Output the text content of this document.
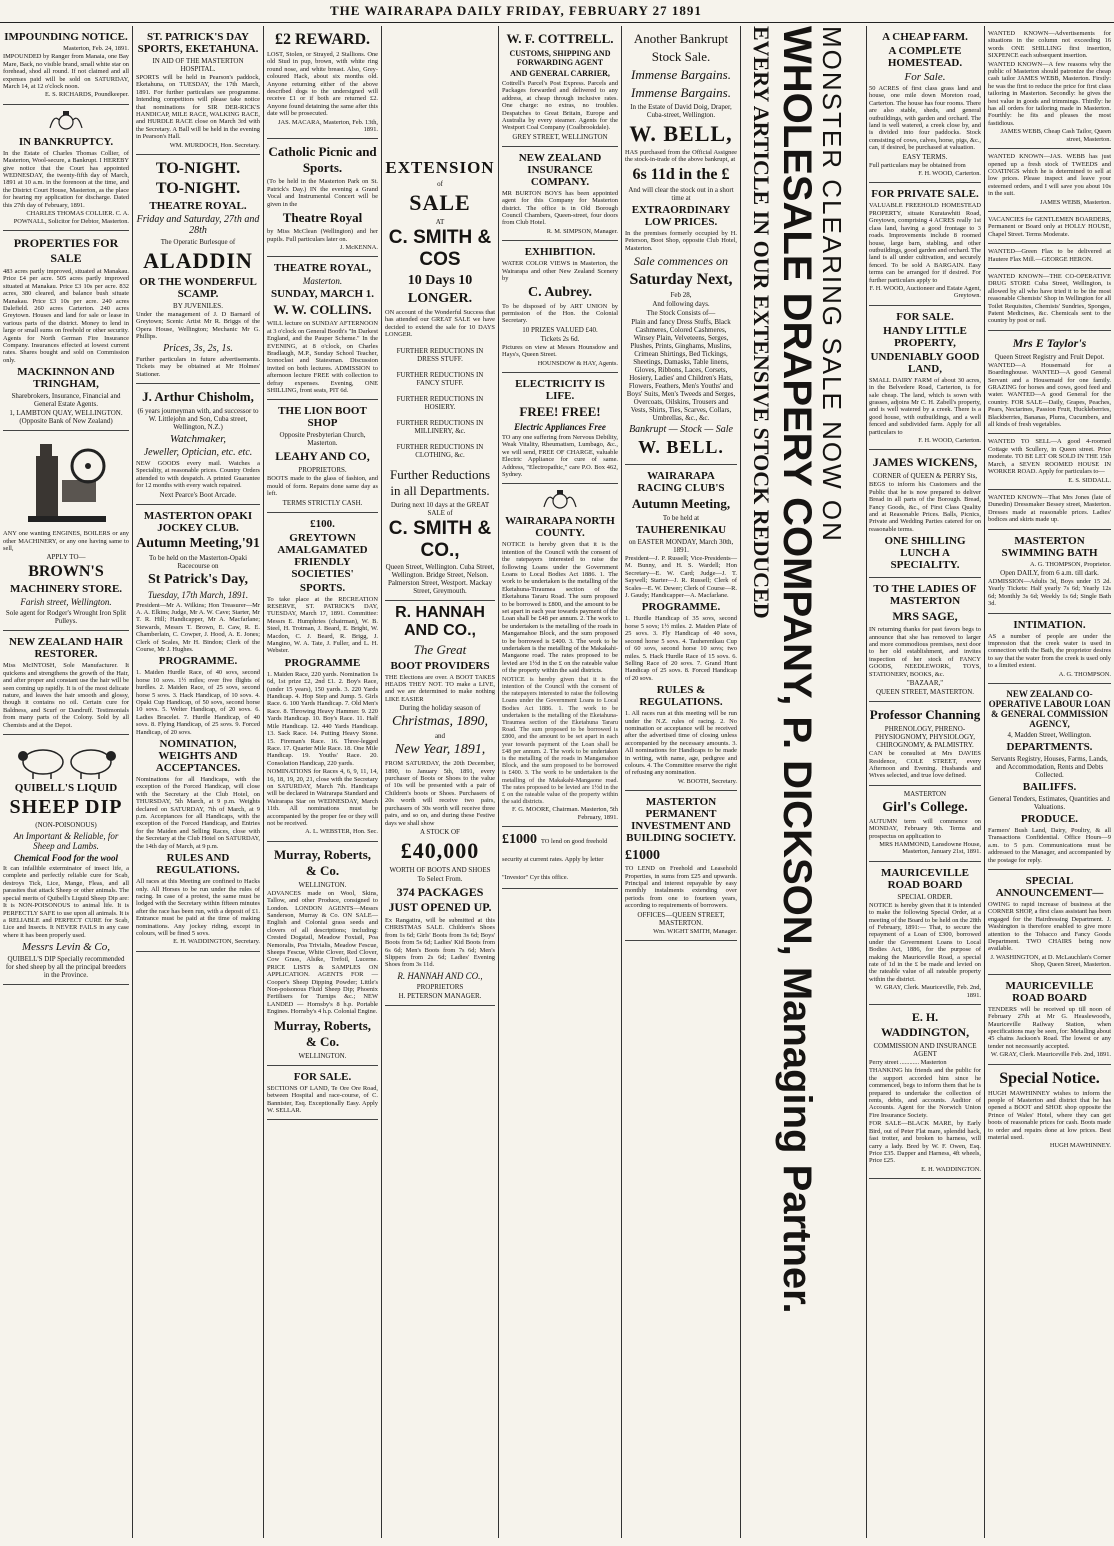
THE WAIRARAPA DAILY FRIDAY, FEBRUARY 27 1891
IMPOUNDING NOTICE.

Masterton, Feb. 24, 1891.

IMPOUNDED by Ranger from Manaia, one Bay Mare, Back, no visible brand, small white star on forehead, shod all round. If not claimed and all expenses paid will be sold on SATURDAY, March 14, at 12 o'clock noon.

E. S. RICHARDS, Poundkeeper.

IN BANKRUPTCY.

In the Estate of Charles Thomas Collier, of Masterton, Wool-secure, a Bankrupt. I HEREBY give notice that the Court has appointed WEDNESDAY, the twenty-fifth day of March, 1891 at 10 a.m. in the forenoon at the time, and the District Court House, Masterton, as the place for hearing my application for discharge. Dated this 27th day of February, 1891.

CHARLES THOMAS COLLIER. C. A. POWNALL, Solicitor for Debtor, Masterton.

PROPERTIES FOR SALE

483 acres partly improved, situated at Manakau. Price £4 per acre. 505 acres partly improved situated at Manakau. Price £3 10s per acre. 832 acres, 380 cleared, and balance bush situate Manakau. Price £3 10s per acre. 240 acres Dalefield. 260 acres Carterton. 240 acres Greytown. Houses and land for sale or lease in various parts of the district. Money to lend in large or small sums on freehold or other security. Agents for North German Fire Insurance Company. Insurances effected at lowest current rates. Shares bought and sold on Commission only.

MACKINNON AND TRINGHAM,

Sharebrokers, Insurance, Financial and General Estate Agents.

1, LAMBTON QUAY, WELLINGTON. (Opposite Bank of New Zealand)

ANY one wanting ENGINES, BOILERS or any other MACHINERY, or any one having same to sell,

APPLY TO—

BROWN'S
MACHINERY STORE.

Farish street, Wellington.

Sole agent for Rodger's Wrought Iron Split Pulleys.

NEW ZEALAND HAIR RESTORER.

Miss McINTOSH, Sole Manufacturer. It quickens and strengthens the growth of the Hair, and after proper and constant use the hair will be seen coming up rapidly. It is of the most delicate nature, and leaves the hair smooth and glossy, though it contains no oil. Certain cure for Baldness, and Scurf or Dandruff. Testimonials from many parts of the Colony. Sold by all Chemists and at the Depot.

QUIBELL'S LIQUID
SHEEP DIP

(NON-POISONOUS)

An Important & Reliable, for Sheep and Lambs.

Chemical Food for the wool

It can infallible exterminator of insect life, a complete and perfectly reliable cure for Scab, destroys Tick, Lice, Mange, Fleas, and all parasites that attack Sheep or other animals. The special merits of Quibell's Liquid Sheep Dip are: It is NON-POISONOUS to animal life. It is PERFECTLY SAFE to use upon all animals. It is a RELIABLE and PERFECT CURE for Scab, Lice and Insects. It NEVER FAILS in any case where it has been properly used.

Messrs Levin & Co,

QUIBELL'S DIP Specially recommended for shed sheep by all the principal breeders in the Province.

ST. PATRICK'S DAY SPORTS, EKETAHUNA.

IN AID OF THE MASTERTON HOSPITAL.

SPORTS will be held in Pearson's paddock, Eketahuna, on TUESDAY, the 17th March, 1891. For further particulars see programme. Intending competitors will please take notice that nominations for SIR DER-RICK'S HANDICAP, MILE RACE, WALKING RACE, and HURDLE RACE close on March 3rd with the Secretary. A Ball will be held in the evening in Pearson's Hall.

WM. MURDOCH, Hon. Secretary.

TO-NIGHT.
TO-NIGHT.
THEATRE ROYAL.

Friday and Saturday, 27th and 28th

The Operatic Burlesque of

ALADDIN
OR THE WONDERFUL SCAMP.

BY JUVENILES.

Under the management of J. D Barnard of Greytown; Scenic Artist Mr R. Briggs of the Opera House, Wellington; Mechanic Mr G. Phillips.

Prices, 3s, 2s, 1s.

Further particulars in future advertisements. Tickets may be obtained at Mr Holmes' Stationer.

J. Arthur Chisholm,

(6 years journeyman with, and successor to W. Littlejohn and Son, Cuba street, Wellington, N.Z.)

Watchmaker,
Jeweller, Optician, etc. etc.

NEW GOODS every mail. Watches a Speciality, at reasonable prices. Country Orders attended to with despatch. A printed Guarantee for 12 months with every watch repaired.

Next Pearce's Boot Arcade.

MASTERTON OPAKI JOCKEY CLUB.
Autumn Meeting,'91

To be held on the Masterton-Opaki Racecourse on

St Patrick's Day,

Tuesday, 17th March, 1891.

President—Mr A. Wilkins; Hon Treasurer—Mr A. A. Elkins; Judge, Mr A. W. Cave; Starter, Mr T. R. Hill; Handicapper, Mr A. Macfarlane; Stewards, Messrs T. Brown, E. Caw, R. E. Chamberlain, C. Cowper, J. Hood, A. E. Jones; Clerk of Scales, Mr H. Bindon; Clerk of the Course, Mr J. Hughes.

PROGRAMME.

1. Maiden Hurdle Race, of 40 sovs, second horse 10 sovs. 1½ miles; over five flights of hurdles. 2. Maiden Race, of 25 sovs, second horse 5 sovs. 3. Hack Handicap, of 10 sovs. 4. Opaki Cup Handicap, of 50 sovs, second horse 10 sovs. 5. Welter Handicap, of 20 sovs. 6. Ladies Bracelet. 7. Hurdle Handicap, of 40 sovs. 8. Flying Handicap, of 25 sovs. 9. Forced Handicap, of 20 sovs.

NOMINATION, WEIGHTS AND ACCEPTANCES.

Nominations for all Handicaps, with the exception of the Forced Handicap, will close with the Secretary at the Club Hotel, on THURSDAY, 5th March, at 9 p.m. Weights declared on SATURDAY, 7th of March, at 9 p.m. Acceptances for all Handicaps, with the exception of the Forced Handicap, and Entries for the Maiden and Selling Races, close with the Secretary at the Club Hotel on SATURDAY, the 14th day of March, at 9 p.m.

RULES AND REGULATIONS.

All races at this Meeting are confined to Hacks only. All Horses to be run under the rules of racing. In case of a protest, the same must be lodged with the Secretary within fifteen minutes after the race has been run, with a deposit of £1. Entrance must be paid at the time of making nominations. Any jockey riding, except in colours, will be fined 5 sovs.

E. H. WADDINGTON, Secretary.

£2 REWARD.

LOST, Stolen, or Strayed, 2 Stallions. One old Stud in pup, brown, with white ring round nose, and white breast. Also, Grey-coloured Hack, about six months old. Anyone returning either of the above described dogs to the undersigned will receive £1 or if both are returned £2. Anyone found detaining the same after this date will be prosecuted.

JAS. MACARA, Masterton, Feb. 13th, 1891.

Catholic Picnic and Sports.

(To be held in the Masterton Park on St. Patrick's Day.) IN the evening a Grand Vocal and Instrumental Concert will be given in the

Theatre Royal

by Miss McClean (Wellington) and her pupils. Full particulars later on.

J. McKENNA.

THEATRE ROYAL,

Masterton.

SUNDAY, MARCH 1.
W. W. COLLINS.

WILL lecture on SUNDAY AFTERNOON at 3 o'clock on General Booth's "In Darkest England, and the Pauper Scheme." In the EVENING, at 8 o'clock, on Charles Bradlaugh, M.P., Sunday School Teacher, Iconoclast and Statesman. Discussion invited on both lectures. ADMISSION to afternoon lecture FREE with collection to defray expenses. Evening, ONE SHILLING, front seats, PIT 6d.

THE LION BOOT SHOP

Opposite Presbyterian Church, Masterton.

LEAHY AND CO,

PROPRIETORS.

BOOTS made to the glass of fashion, and mould of form. Repairs done same day as left.

TERMS STRICTLY CASH.

£100.
GREYTOWN AMALGAMATED FRIENDLY SOCIETIES'
SPORTS.

To take place at the RECREATION RESERVE, ST. PATRICK'S DAY, TUESDAY, March 17, 1891. Committee: Messrs E. Humphries (chairman), W. B. Steel, H. Trotman, J. Beard, E. Bright, W. Macdon, C. J. Beard, R. Brigg, J. Mangino, W. A. Tate, J. Fuller, and L. H. Webster.

PROGRAMME

1. Maiden Race, 220 yards. Nomination 1s 6d, 1st prize £2, 2nd £1. 2. Boy's Race, (under 15 years), 150 yards. 3. 220 Yards Handicap. 4. Hop Step and Jump. 5. Girls Race. 6. 100 Yards Handicap. 7. Old Men's Race. 8. Throwing Heavy Hammer. 9. 220 Yards Handicap. 10. Boy's Race. 11. Half Mile Handicap. 12. 440 Yards Handicap. 13. Sack Race. 14. Putting Heavy Stone. 15. Fireman's Race. 16. Three-legged Race. 17. Quarter Mile Race. 18. One Mile Handicap. 19. Youths' Race. 20. Consolation Handicap, 220 yards.

NOMINATIONS for Races 4, 6, 9, 11, 14, 16, 18, 19, 20, 21, close with the Secretary on SATURDAY, March 7th. Handicaps will be declared in Wairarapa Standard and Wairarapa Star on WEDNESDAY, March 11th. All nominations must be accompanied by the proper fee or they will not be received.

A. L. WEBSTER, Hon. Sec.

Murray, Roberts, & Co.

WELLINGTON.

ADVANCES made on Wool, Skins, Tallow, and other Produce, consigned to London. LONDON AGENTS—Messrs Sanderson, Murray & Co. ON SALE—English and Colonial grass seeds and clovers of all descriptions; including: Crested Dogstail, Meadow Foxtail, Poa Nemoralis, Poa Trivialis, Meadow Fescue, Sheeps Fescue, White Clover, Red Clover, Cow Grass, Alsike, Trefoil, Lucerne. PRICE LISTS & SAMPLES ON APPLICATION. AGENTS FOR — Cooper's Sheep Dipping Powder; Little's Non-poisonous Fluid Sheep Dip; Phoenix Fertilisers for Turnips &c.; NEW LANDED — Hornsby's 8 h.p. Portable Engines. Hornsby's 4 h.p. Colonial Engine.

Murray, Roberts, & Co.

WELLINGTON.

FOR SALE.

SECTIONS OF LAND, Te Ore Ore Road, between Hospital and race-course, of C. Bannister, Esq. Exceptionally Easy. Apply W. SELLAR.

EXTENSION

of

SALE

AT

C. SMITH & COS
10 Days 10
LONGER.

ON account of the Wonderful Success that has attended our GREAT SALE we have decided to extend the sale for 10 DAYS LONGER.

FURTHER REDUCTIONS IN DRESS STUFF.

FURTHER REDUCTIONS IN FANCY STUFF.

FURTHER REDUCTIONS IN HOSIERY.

FURTHER REDUCTIONS IN MILLINERY, &c.

FURTHER REDUCTIONS IN CLOTHING, &c.

Further Reductions in all Departments.

During next 10 days at the GREAT SALE of

C. SMITH & CO.,

Queen Street, Wellington. Cuba Street, Wellington. Bridge Street, Nelson. Palmerston Street, Westport. Mackay Street, Greymouth.

R. HANNAH AND CO.,
The Great
BOOT PROVIDERS

THE Elections are over. A BOOT TAKES HEADS THEY NOT. TO make a LIVE, and we are determined to make nothing LIKE EASIER

During the holiday season of

Christmas, 1890,

and

New Year, 1891,

FROM SATURDAY, the 20th December, 1890, to January 5th, 1891, every purchaser of Boots or Shoes to the value of 10s will be presented with a pair of Children's boots or Shoes. Purchasers of 20s worth will receive two pairs, purchasers of 30s worth will receive three pairs, and so on, and during these Festive days we shall show

A STOCK OF

£40,000

WORTH OF BOOTS AND SHOES

To Select From.

374 PACKAGES JUST OPENED UP.

Ex Rangatira, will be submitted at this CHRISTMAS SALE. Children's Shoes from 1s 6d; Girls' Boots from 3s 6d; Boys' Boots from 5s 6d; Ladies' Kid Boots from 6s 6d; Men's Boots from 7s 6d; Men's Slippers from 2s 6d; Ladies' Evening Shoes from 3s 11d.

R. HANNAH AND CO.,

PROPRIETORS

H. PETERSON MANAGER.

W. F. COTTRELL.
CUSTOMS, SHIPPING AND FORWARDING AGENT
AND GENERAL CARRIER,

Cottrell's Parcel's Post Express. Parcels and Packages forwarded and delivered to any address, at cheap through inclusive rates. One charge: no extras, no troubles. Despatches to Great Britain, Europe and Australia by every steamer. Agents for the Westport Coal Company (Coalbrookdale).

GREY STREET, WELLINGTON

NEW ZEALAND INSURANCE COMPANY.

MR BURTON BOYS has been appointed agent for this Company for Masterton district. The office is in Old Borough Council Chambers, Queen-street, four doors from Club Hotel.

R. M. SIMPSON, Manager.

EXHIBITION.

WATER COLOR VIEWS in Masterton, the Wairarapa and other New Zealand Scenery by

C. Aubrey.

To be disposed of by ART UNION by permission of the Hon. the Colonial Secretary.

10 PRIZES VALUED £40.

Tickets 2s 6d.

Pictures on view at Messrs Hounsdow and Hays's, Queen Street.

HOUNSDOW & HAY, Agents.

ELECTRICITY IS LIFE.
FREE! FREE!
Electric Appliances Free

TO any one suffering from Nervous Debility, Weak Vitality, Rheumatism, Lumbago, &c., we will send, FREE OF CHARGE, valuable Electric Appliance for cure of same. Address, "Electropathic," care P.O. Box 462, Sydney.

WAIRARAPA NORTH COUNTY.

NOTICE is hereby given that it is the intention of the Council with the consent of the ratepayers interested to raise the following Loans under the Government Loans to Local Bodies Act 1886. 1. The work to be undertaken is the metalling of the Eketahuna-Tiraumea section of the Eketahuna Tararu Road. The sum proposed to be borrowed is £800, and the amount to be set apart in each year towards payment of the Loan shall be £48 per annum. 2. The work to be undertaken is the metalling of the roads in Mangamahoe Block, and the sum proposed to be borrowed is £400. 3. The work to be undertaken is the metalling of the Makakahi-Mangaone road. The rates proposed to be levied are 1½d in the £ on the rateable value of the property within the said districts.

NOTICE is hereby given that it is the intention of the Council with the consent of the ratepayers interested to raise the following Loans under the Government Loans to Local Bodies Act 1886. 1. The work to be undertaken is the metalling of the Eketahuna-Tiraumea section of the Eketahuna Tararu Road. The sum proposed to be borrowed is £800, and the amount to be set apart in each year towards payment of the Loan shall be £48 per annum. 2. The work to be undertaken is the metalling of the roads in Mangamahoe Block, and the sum proposed to be borrowed is £400. 3. The work to be undertaken is the metalling of the Makakahi-Mangaone road. The rates proposed to be levied are 1½d in the £ on the rateable value of the property within the said districts.

F. G. MOORE, Chairman. Masterton, 5th February, 1891.

£1000 TO lend on good freehold security at current rates. Apply by letter "Investor" Cyr this office.
Another Bankrupt
Stock Sale.
Immense Bargains.
Immense Bargains.

In the Estate of David Doig, Draper, Cuba-street, Wellington.

W. BELL,

HAS purchased from the Official Assignee the stock-in-trade of the above bankrupt, at

6s 11d in the £

And will clear the stock out in a short time at

EXTRAORDINARY LOW PRICES.

In the premises formerly occupied by H. Peterson, Boot Shop, opposite Club Hotel, Masterton.

Sale commences on
Saturday Next,

Feb 28,

And following days.

The Stock Consists of—

Plain and fancy Dress Stuffs, Black Cashmeres, Colored Cashmeres, Winsey Plain, Velveteens, Serges, Plushes, Prints, Ginghams, Muslins, Crimean Shirtings, Bed Tickings, Sheetings, Damasks, Table linens, Gloves, Ribbons, Laces, Corsets, Hosiery, Ladies' and Children's Hats, Flowers, Feathers, Men's Youths' and Boys' Suits, Men's Tweeds and Serges, Overcoats, Oilskins, Trousers and Vests, Shirts, Ties, Scarves, Collars, Umbrellas, &c., &c.

Bankrupt — Stock — Sale
W. BELL.
WAIRARAPA RACING CLUB'S
Autumn Meeting,

To be held at

TAUHERENIKAU

on EASTER MONDAY, March 30th, 1891.

President—J. P. Russell; Vice-Presidents—M. Bunny, and H. S. Wardell; Hon Secretary—E. W. Card; Judge—J. T. Saywell; Starter—J. R. Russell; Clerk of Scales—E. W. Dewer; Clerk of Course—R. J. Gaudy; Handicapper—A. Macfarlane.

PROGRAMME.

1. Hurdle Handicap of 35 sovs, second horse 5 sovs; 1½ miles. 2. Maiden Plate of 25 sovs. 3. Fly Handicap of 40 sovs, second horse 5 sovs. 4. Tauherenikau Cup of 60 sovs, second horse 10 sovs; two miles. 5. Hack Hurdle Race of 15 sovs. 6. Selling Race of 20 sovs. 7. Grand Hunt Handicap of 25 sovs. 8. Forced Handicap of 20 sovs.

RULES & REGULATIONS.

1. All races run at this meeting will be run under the N.Z. rules of racing. 2. No nomination or acceptance will be received after the advertised time of closing unless accompanied by the necessary amounts. 3. All nominations for Handicaps to be made in writing, with name, age, pedigree and colours. 4. The Committee reserve the right of refusing any nomination.

W. BOOTH, Secretary.

MASTERTON PERMANENT INVESTMENT AND BUILDING SOCIETY.
£1000

TO LEND on Freehold and Leasehold Properties, in sums from £25 and upwards. Principal and interest repayable by easy monthly instalments extending over periods from one to fourteen years, according to requirements of borrowers.

OFFICES—QUEEN STREET, MASTERTON.

Wm. WIGHT SMITH, Manager. WHOLESALE DRAPERY COMPANY, P. DICKSON, Managing Partner.
MONSTER CLEARING SALE NOW ON
EVERY ARTICLE IN OUR EXTENSIVE STOCK REDUCED	A CHEAP FARM.
A COMPLETE HOMESTEAD.
For Sale.

50 ACRES of first class grass land and house, one mile down Moreton road, Carterton. The house has four rooms. There are also stable, sheds, and general outbuildings, with garden and orchard. The land is well watered, a creek close by, and is divided into four paddocks. Stock consisting of cows, calves, horse, pigs, &c., can, if desired, be purchased at valuation.

EASY TERMS.

Full particulars may be obtained from

F. H. WOOD, Carterton.

FOR PRIVATE SALE.

VALUABLE FREEHOLD HOMESTEAD PROPERTY, situate Kuratawhiti Road, Greytown, comprising 4 ACRES really 1st class land, having a good frontage to 3 roads. Improvements include 8 roomed house, large barn, stabling, and other outbuildings, good garden and orchard. The land is all under cultivation, and securely fenced. To be sold A BARGAIN. Easy terms can be arranged for if desired. For further particulars apply to

F. H. WOOD, Auctioneer and Estate Agent, Greytown.

FOR SALE.
HANDY LITTLE PROPERTY,
UNDENIABLY GOOD LAND,

SMALL DAIRY FARM of about 30 acres, in the Belvedere Road, Carterton, is for sale cheap. The land, which is sown with grasses, adjoins Mr C. H. Zabell's property, and is well watered by a creek. There is a good house, with outbuildings, and a well fenced and subdivided farm. Apply for all particulars to

F. H. WOOD, Carterton.

JAMES WICKENS,

CORNER of QUEEN & PERRY Sts,

BEGS to inform his Customers and the Public that he is now prepared to deliver Bread in all parts of the Borough. Bread, Fancy Goods, &c., of First Class Quality and at Reasonable Prices. Balls, Picnics, Private and Wedding Parties catered for on reasonable terms.

ONE SHILLING LUNCH A SPECIALITY.
TO THE LADIES OF MASTERTON
MRS SAGE,

IN returning thanks for past favors begs to announce that she has removed to larger and more commodious premises, next door to her old establishment, and invites inspection of her stock of FANCY GOODS, NEEDLEWORK, TOYS, STATIONERY, BOOKS, &c.

"BAZAAR,"

QUEEN STREET, MASTERTON.

Professor Channing

PHRENOLOGY, PHRENO-PHYSIOGNOMY, PHYSIOLOGY, CHIROGNOMY, & PALMISTRY.

CAN be consulted at Mrs DAVIES Residence, COLE STREET, every Afternoon and Evening. Husbands and Wives selected, and true love defined.

MASTERTON

Girl's College.

AUTUMN term will commence on MONDAY, February 9th. Terms and prospectus on application to

MRS HAMMOND, Lansdowne House, Masterton, January 21st, 1891.

MAURICEVILLE ROAD BOARD

SPECIAL ORDER.

NOTICE is hereby given that it is intended to make the following Special Order, at a meeting of the Board to be held on the 28th of February, 1891:— That, to secure the repayment of a Loan of £300, borrowed under the Government Loans to Local Bodies Act, 1886, for the purpose of making the Mauriceville Road, a special rate of 1d in the £ be made and levied on the rateable value of all rateable property within the district.

W. GRAY, Clerk. Mauriceville, Feb. 2nd, 1891.

E. H. WADDINGTON,

COMMISSION AND INSURANCE AGENT

Perry street ............ Masterton

THANKING his friends and the public for the support accorded him since he commenced, begs to inform them that he is prepared to undertake the collection of rents, debts, and accounts. Auditor of Accounts. Agent for the Norwich Union Fire Insurance Society.

FOR SALE—BLACK MARE, by Early Bird, out of Peter Flat mare, splendid hack, fast trotter, and broken to harness, will carry a lady. Bred by W. F. Owen, Esq. Price £35. Dapper and Harness, 4ft wheels, Price £25.

E. H. WADDINGTON.

WANTED KNOWN—Advertisements for situations in the column not exceeding 16 words ONE SHILLING first insertion, SIXPENCE each subsequent insertion.

WANTED KNOWN—A few reasons why the public of Masterton should patronize the cheap cash tailor JAMES WEBB, Masterton. Firstly: he was the first to reduce the price for first class tailoring in Masterton. Secondly: he gives the best value in goods and trimmings. Thirdly: he has all orders for tailoring made in Masterton. Fourthly: he fits and pleases the most fastidious.

JAMES WEBB, Cheap Cash Tailor, Queen street, Masterton.

WANTED KNOWN—JAS. WEBB has just opened up a fresh stock of TWEEDS and COATINGS which he is determined to sell at low prices. Please inspect and leave your esteemed orders, and I will save you about 10s in the suit.

JAMES WEBB, Masterton.

VACANCIES for GENTLEMEN BOARDERS, Permanent or Board only at HOLLY HOUSE, Chapel Street. Terms Moderate.

WANTED—Green Flax to be delivered at Hautere Flax Mill.—GEORGE HERON.

WANTED KNOWN—THE CO-OPERATIVE DRUG STORE Cuba Street, Wellington, is allowed by all who have tried it to be the most reasonable Chemists' Shop in Wellington for all Toilet Requisites, Chemists' Sundries, Sponges, Patent Medicines, &c. Chemicals sent to the country by post or rail.

Mrs E Taylor's

Queen Street Registry and Fruit Depot.

WANTED—A Housemaid for a Boardinghouse. WANTED—A good General Servant and a Housemaid for one family. GRAZING for horses and cows, good feed and water. WANTED—A good General for the country. FOR SALE—Daily, Grapes, Peaches, Pears, Nectarines, Passion Fruit, Huckleberries, Blackberries, Bananas, Plums, Cucumbers, and all kinds of fresh vegetables.

WANTED TO SELL—A good 4-roomed Cottage with Scullery, in Queen street. Price moderate. TO BE LET OR SOLD IN THE 15th March, a SEVEN ROOMED HOUSE IN WORKER ROAD. Apply for particulars to—

E. S. SIDDALL.

WANTED KNOWN—That Mrs Jones (late of Dunedin) Dressmaker Bessey street, Masterton. Dresses made at reasonable prices. Ladies' bodices and skirts made up.

MASTERTON SWIMMING BATH

A. G. THOMPSON, Proprietor.

Open DAILY, from 6 a.m. till dark.

ADMISSION—Adults 3d, Boys under 15 2d. Yearly Tickets: Half yearly 7s 6d; Yearly 12s 6d; Monthly 3s 6d; Weekly 1s 6d; Single Bath 3d.

INTIMATION.

AS a number of people are under the impression that the creek water is used in connection with the Bath, the proprietor desires to say that the water from the creek is used only to a limited extent.

A. G. THOMPSON.

NEW ZEALAND CO-OPERATIVE LABOUR LOAN & GENERAL COMMISSION AGENCY,

4, Madden Street, Wellington.

DEPARTMENTS.

Servants Registry, Houses, Farms, Lands, and Accommodation, Rents and Debts Collected.

BAILIFFS.

General Tenders, Estimates, Quantities and Valuations.

PRODUCE.

Farmers' Bush Land, Dairy, Poultry, & all Transactions Confidential. Office Hours—9 a.m. to 5 p.m. Communications must be addressed to the Manager, and accompanied by the postage for reply.

SPECIAL ANNOUNCEMENT—

OWING to rapid increase of business at the CORNER SHOP, a first class assistant has been engaged for the Hairdressing Department. J. Washington is therefore enabled to give more attention to the Tobacco and Fancy Goods Department. TWO CHAIRS being now available.

J. WASHINGTON, at D. McLauchlan's Corner Shop, Queen Street, Masterton.

MAURICEVILLE ROAD BOARD

TENDERS will be received up till noon of February 27th at Mr G. Heaslewood's, Mauriceville Railway Station, when specifications may be seen, for: Metalling about 45 chains Jackson's Road. The lowest or any tender not necessarily accepted.

W. GRAY, Clerk. Mauriceville Feb. 2nd, 1891.

Special Notice.

HUGH MAWHINNEY wishes to inform the people of Masterton and district that he has opened a BOOT and SHOE shop opposite the Prince of Wales' Hotel, where they can get boots of reasonable prices for cash. Boots made to order and repairs done at low prices. Best material used.

HUGH MAWHINNEY.
